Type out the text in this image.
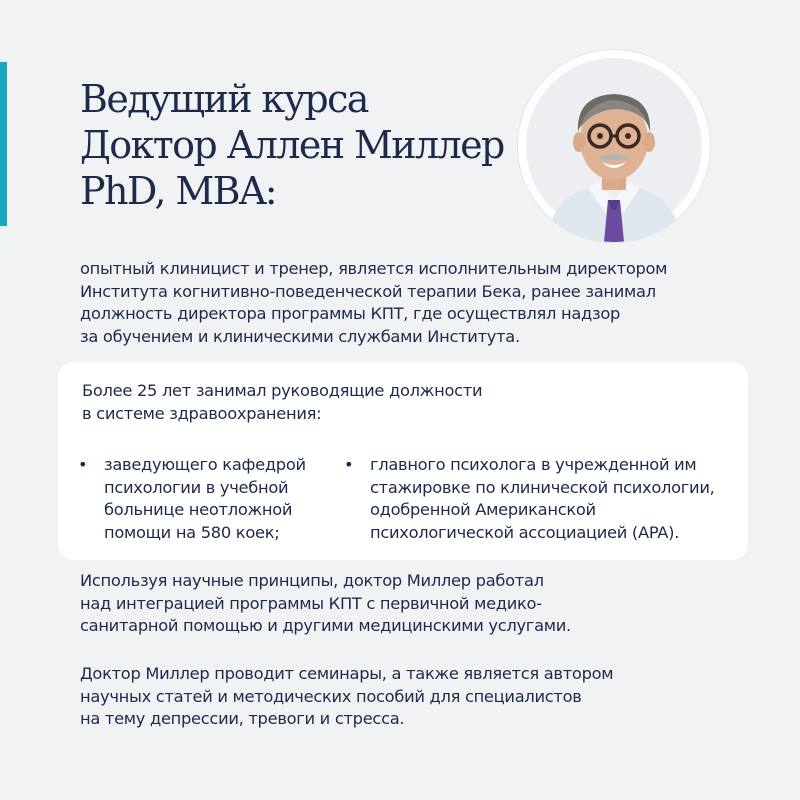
Ведущий курса
Доктор Аллен Миллер
PhD, MBA:

опытный клиницист и тренер, является исполнительным директором
Института когнитивно-поведенческой терапии Бека, ранее занимал
должность директора программы КПТ, где осуществлял надзор
за обучением и клиническими службами Института.

Более 25 лет занимал руководящие должности
в системе здравоохранения:

• заведующего кафедрой
психологии в учебной
больнице неотложной
помощи на 580 коек;
• главного психолога в учрежденной им
стажировке по клинической психологии,
одобренной Американской
психологической ассоциацией (APA).

Используя научные принципы, доктор Миллер работал
над интеграцией программы КПТ с первичной медико-
санитарной помощью и другими медицинскими услугами.

Доктор Миллер проводит семинары, а также является автором
научных статей и методических пособий для специалистов
на тему депрессии, тревоги и стресса.
